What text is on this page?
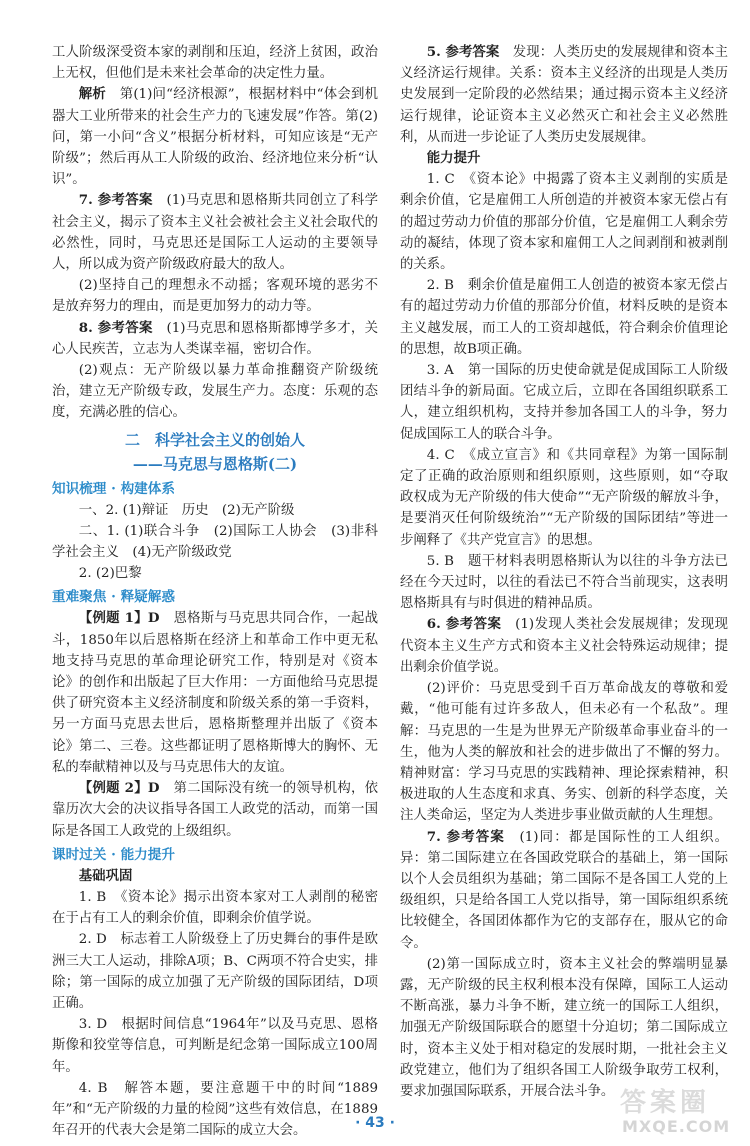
工人阶级深受资本家的剥削和压迫，经济上贫困，政治上无权，但他们是未来社会革命的决定性力量。

解析　 第(1)问“经济根源”，根据材料中“体会到机器大工业所带来的社会生产力的飞速发展”作答。第(2)问，第一小问“含义”根据分析材料，可知应该是“无产阶级”；然后再从工人阶级的政治、经济地位来分析“认识”。

7. 参考答案　 (1)马克思和恩格斯共同创立了科学社会主义，揭示了资本主义社会被社会主义社会取代的必然性，同时，马克思还是国际工人运动的主要领导人，所以成为资产阶级政府最大的敌人。

(2)坚持自己的理想永不动摇；客观环境的恶劣不是放弃努力的理由，而是更加努力的动力等。

8. 参考答案　 (1)马克思和恩格斯都博学多才，关心人民疾苦，立志为人类谋幸福，密切合作。

(2)观点：无产阶级以暴力革命推翻资产阶级统治，建立无产阶级专政，发展生产力。态度：乐观的态度，充满必胜的信心。

二　科学社会主义的创始人
——马克思与恩格斯(二)
知识梳理 · 构建体系

一、2. (1)辩证　历史　(2)无产阶级

二、1. (1)联合斗争　(2)国际工人协会　(3)非科学社会主义　(4)无产阶级政党

2. (2)巴黎

重难聚焦 · 释疑解惑

【例题 1】D　 恩格斯与马克思共同合作，一起战斗，1850年以后恩格斯在经济上和革命工作中更无私地支持马克思的革命理论研究工作，特别是对《资本论》的创作和出版起了巨大作用：一方面他给马克思提供了研究资本主义经济制度和阶级关系的第一手资料，另一方面马克思去世后，恩格斯整理并出版了《资本论》第二、三卷。这些都证明了恩格斯博大的胸怀、无私的奉献精神以及与马克思伟大的友谊。

【例题 2】D　 第二国际没有统一的领导机构，依靠历次大会的决议指导各国工人政党的活动，而第一国际是各国工人政党的上级组织。

课时过关 · 能力提升

基础巩固

1. B　《资本论》揭示出资本家对工人剥削的秘密在于占有工人的剩余价值，即剩余价值学说。

2. D　标志着工人阶级登上了历史舞台的事件是欧洲三大工人运动，排除A项；B、C两项不符合史实，排除；第一国际的成立加强了无产阶级的国际团结，D项正确。

3. D　根据时间信息“1964年”以及马克思、恩格斯像和狡堂等信息，可判断是纪念第一国际成立100周年。

4. B　解答本题，要注意题干中的时间“1889年”和“无产阶级的力量的检阅”这些有效信息，在1889年召开的代表大会是第二国际的成立大会。

5. 参考答案　 发现：人类历史的发展规律和资本主义经济运行规律。关系：资本主义经济的出现是人类历史发展到一定阶段的必然结果；通过揭示资本主义经济运行规律，论证资本主义必然灭亡和社会主义必然胜利，从而进一步论证了人类历史发展规律。

能力提升

1. C　《资本论》中揭露了资本主义剥削的实质是剩余价值，它是雇佣工人所创造的并被资本家无偿占有的超过劳动力价值的那部分价值，它是雇佣工人剩余劳动的凝结，体现了资本家和雇佣工人之间剥削和被剥削的关系。

2. B　剩余价值是雇佣工人创造的被资本家无偿占有的超过劳动力价值的那部分价值，材料反映的是资本主义越发展，而工人的工资却越低，符合剩余价值理论的思想，故B项正确。

3. A　第一国际的历史使命就是促成国际工人阶级团结斗争的新局面。它成立后，立即在各国组织联系工人，建立组织机构，支持并参加各国工人的斗争，努力促成国际工人的联合斗争。

4. C　《成立宣言》和《共同章程》为第一国际制定了正确的政治原则和组织原则，这些原则，如“夺取政权成为无产阶级的伟大使命”“无产阶级的解放斗争，是要消灭任何阶级统治”“无产阶级的国际团结”等进一步阐释了《共产党宣言》的思想。

5. B　题干材料表明恩格斯认为以往的斗争方法已经在今天过时，以往的看法已不符合当前现实，这表明恩格斯具有与时俱进的精神品质。

6. 参考答案　 (1)发现人类社会发展规律；发现现代资本主义生产方式和资本主义社会特殊运动规律；提出剩余价值学说。

(2)评价：马克思受到千百万革命战友的尊敬和爱戴，“他可能有过许多敌人，但未必有一个私敌”。理解：马克思的一生是为世界无产阶级革命事业奋斗的一生，他为人类的解放和社会的进步做出了不懈的努力。精神财富：学习马克思的实践精神、理论探索精神，积极进取的人生态度和求真、务实、创新的科学态度，关注人类命运，坚定为人类进步事业做贡献的人生理想。

7. 参考答案　 (1)同：都是国际性的工人组织。异：第二国际建立在各国政党联合的基础上，第一国际以个人会员组织为基础；第二国际不是各国工人党的上级组织，只是给各国工人党以指导，第一国际组织系统比较健全，各国团体都作为它的支部存在，服从它的命令。

(2)第一国际成立时，资本主义社会的弊端明显暴露，无产阶级的民主权利根本没有保障，国际工人运动不断高涨，暴力斗争不断，建立统一的国际工人组织，加强无产阶级国际联合的愿望十分迫切；第二国际成立时，资本主义处于相对稳定的发展时期，一批社会主义政党建立，他们为了组织各国工人阶级争取劳工权利，要求加强国际联系，开展合法斗争。

· 43 ·
答案圈
MXQE.COM
